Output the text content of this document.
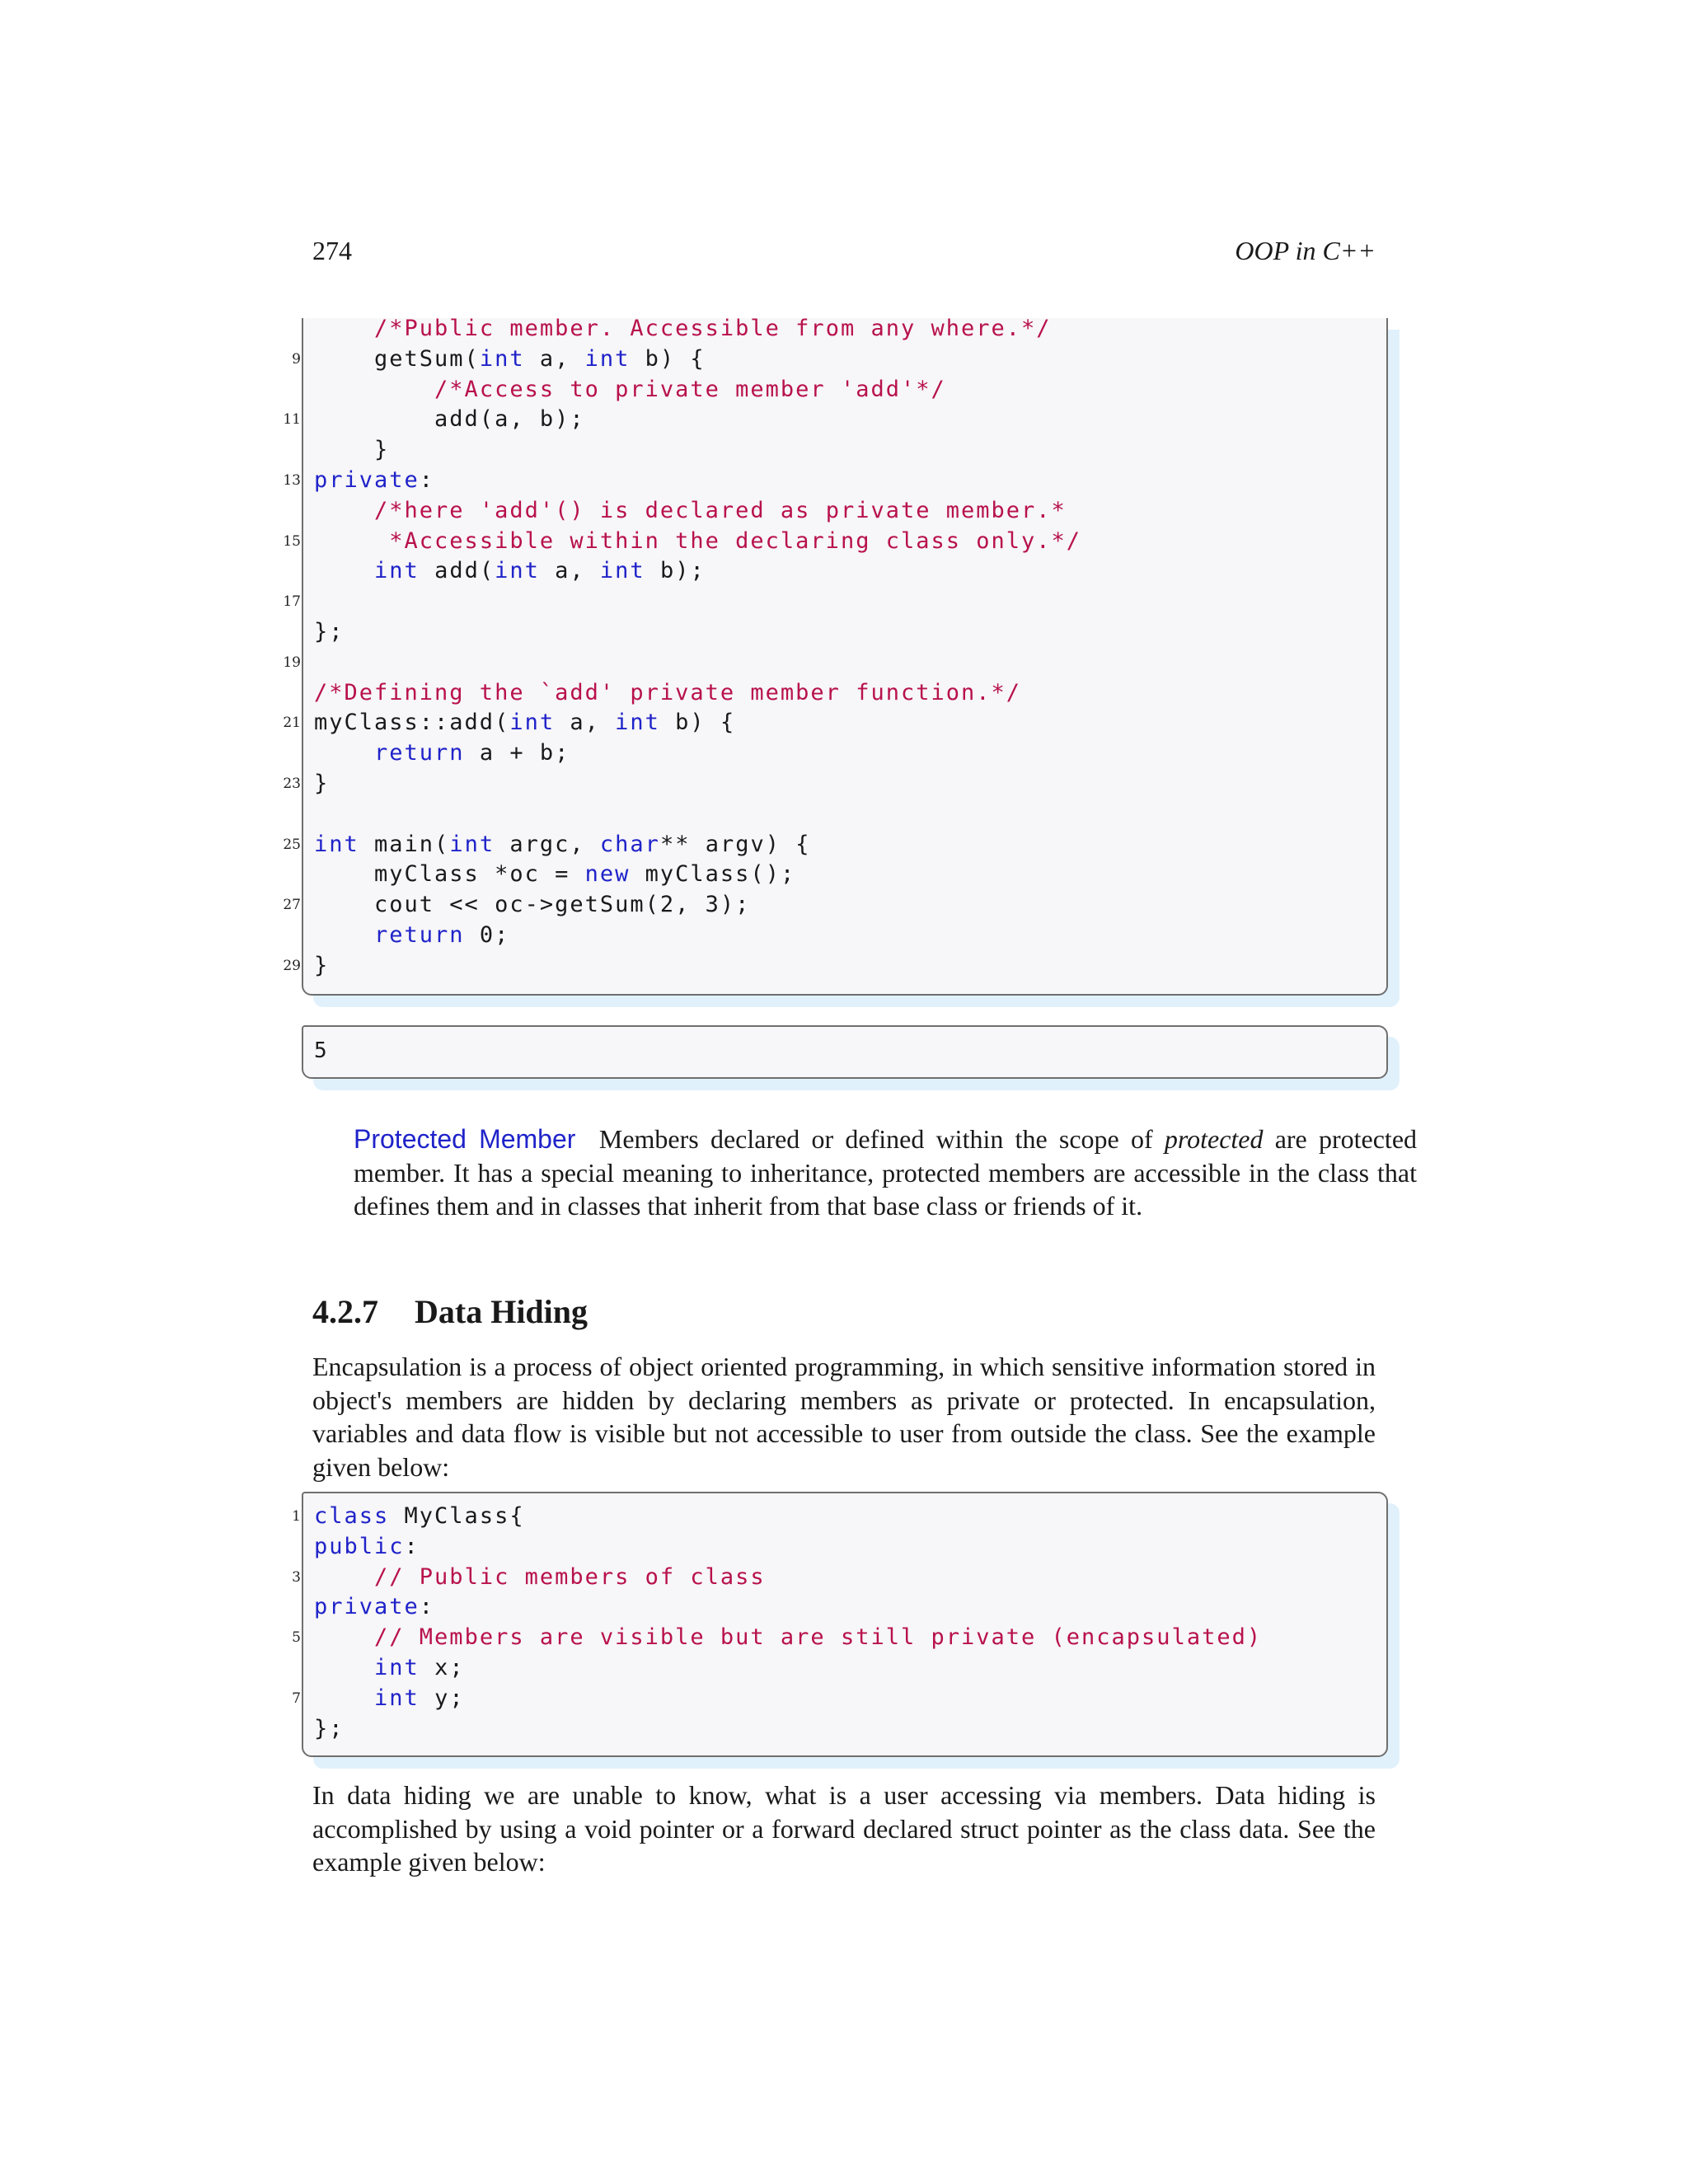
274	OOP in C++
/*Public member. Accessible from any where.*/
9 getSum(int a, int b) {
/*Access to private member 'add'*/
11 add(a, b);
}
13 private:
/*here 'add'() is declared as private member.*
15	*Accessible within the declaring class only.*/
int add(int a, int b);
17
};
19
/*Defining the `add' private member function.*/
21 myClass::add(int a, int b) {
return a + b;
23 }
25 int main(int argc, char** argv) {
myClass *oc = new myClass();
27 cout << oc->getSum(2, 3);
return 0;
29 }
5
Protected Member Members declared or defined within the scope of protected are protected member. It has a special meaning to inheritance, protected members are accessible in the class that defines them and in classes that inherit from that base class or friends of it.
4.2.7 Data Hiding
Encapsulation is a process of object oriented programming, in which sensitive information stored in object's members are hidden by declaring members as private or protected. In encapsulation, variables and data flow is visible but not accessible to user from outside the class. See the example given below:
1 class MyClass{
public:
3	// Public members of class
private:
5	// Members are visible but are still private (encapsulated)
int x;
7	int y;
};
In data hiding we are unable to know, what is a user accessing via members. Data hiding is accomplished by using a void pointer or a forward declared struct pointer as the class data. See the example given below:
